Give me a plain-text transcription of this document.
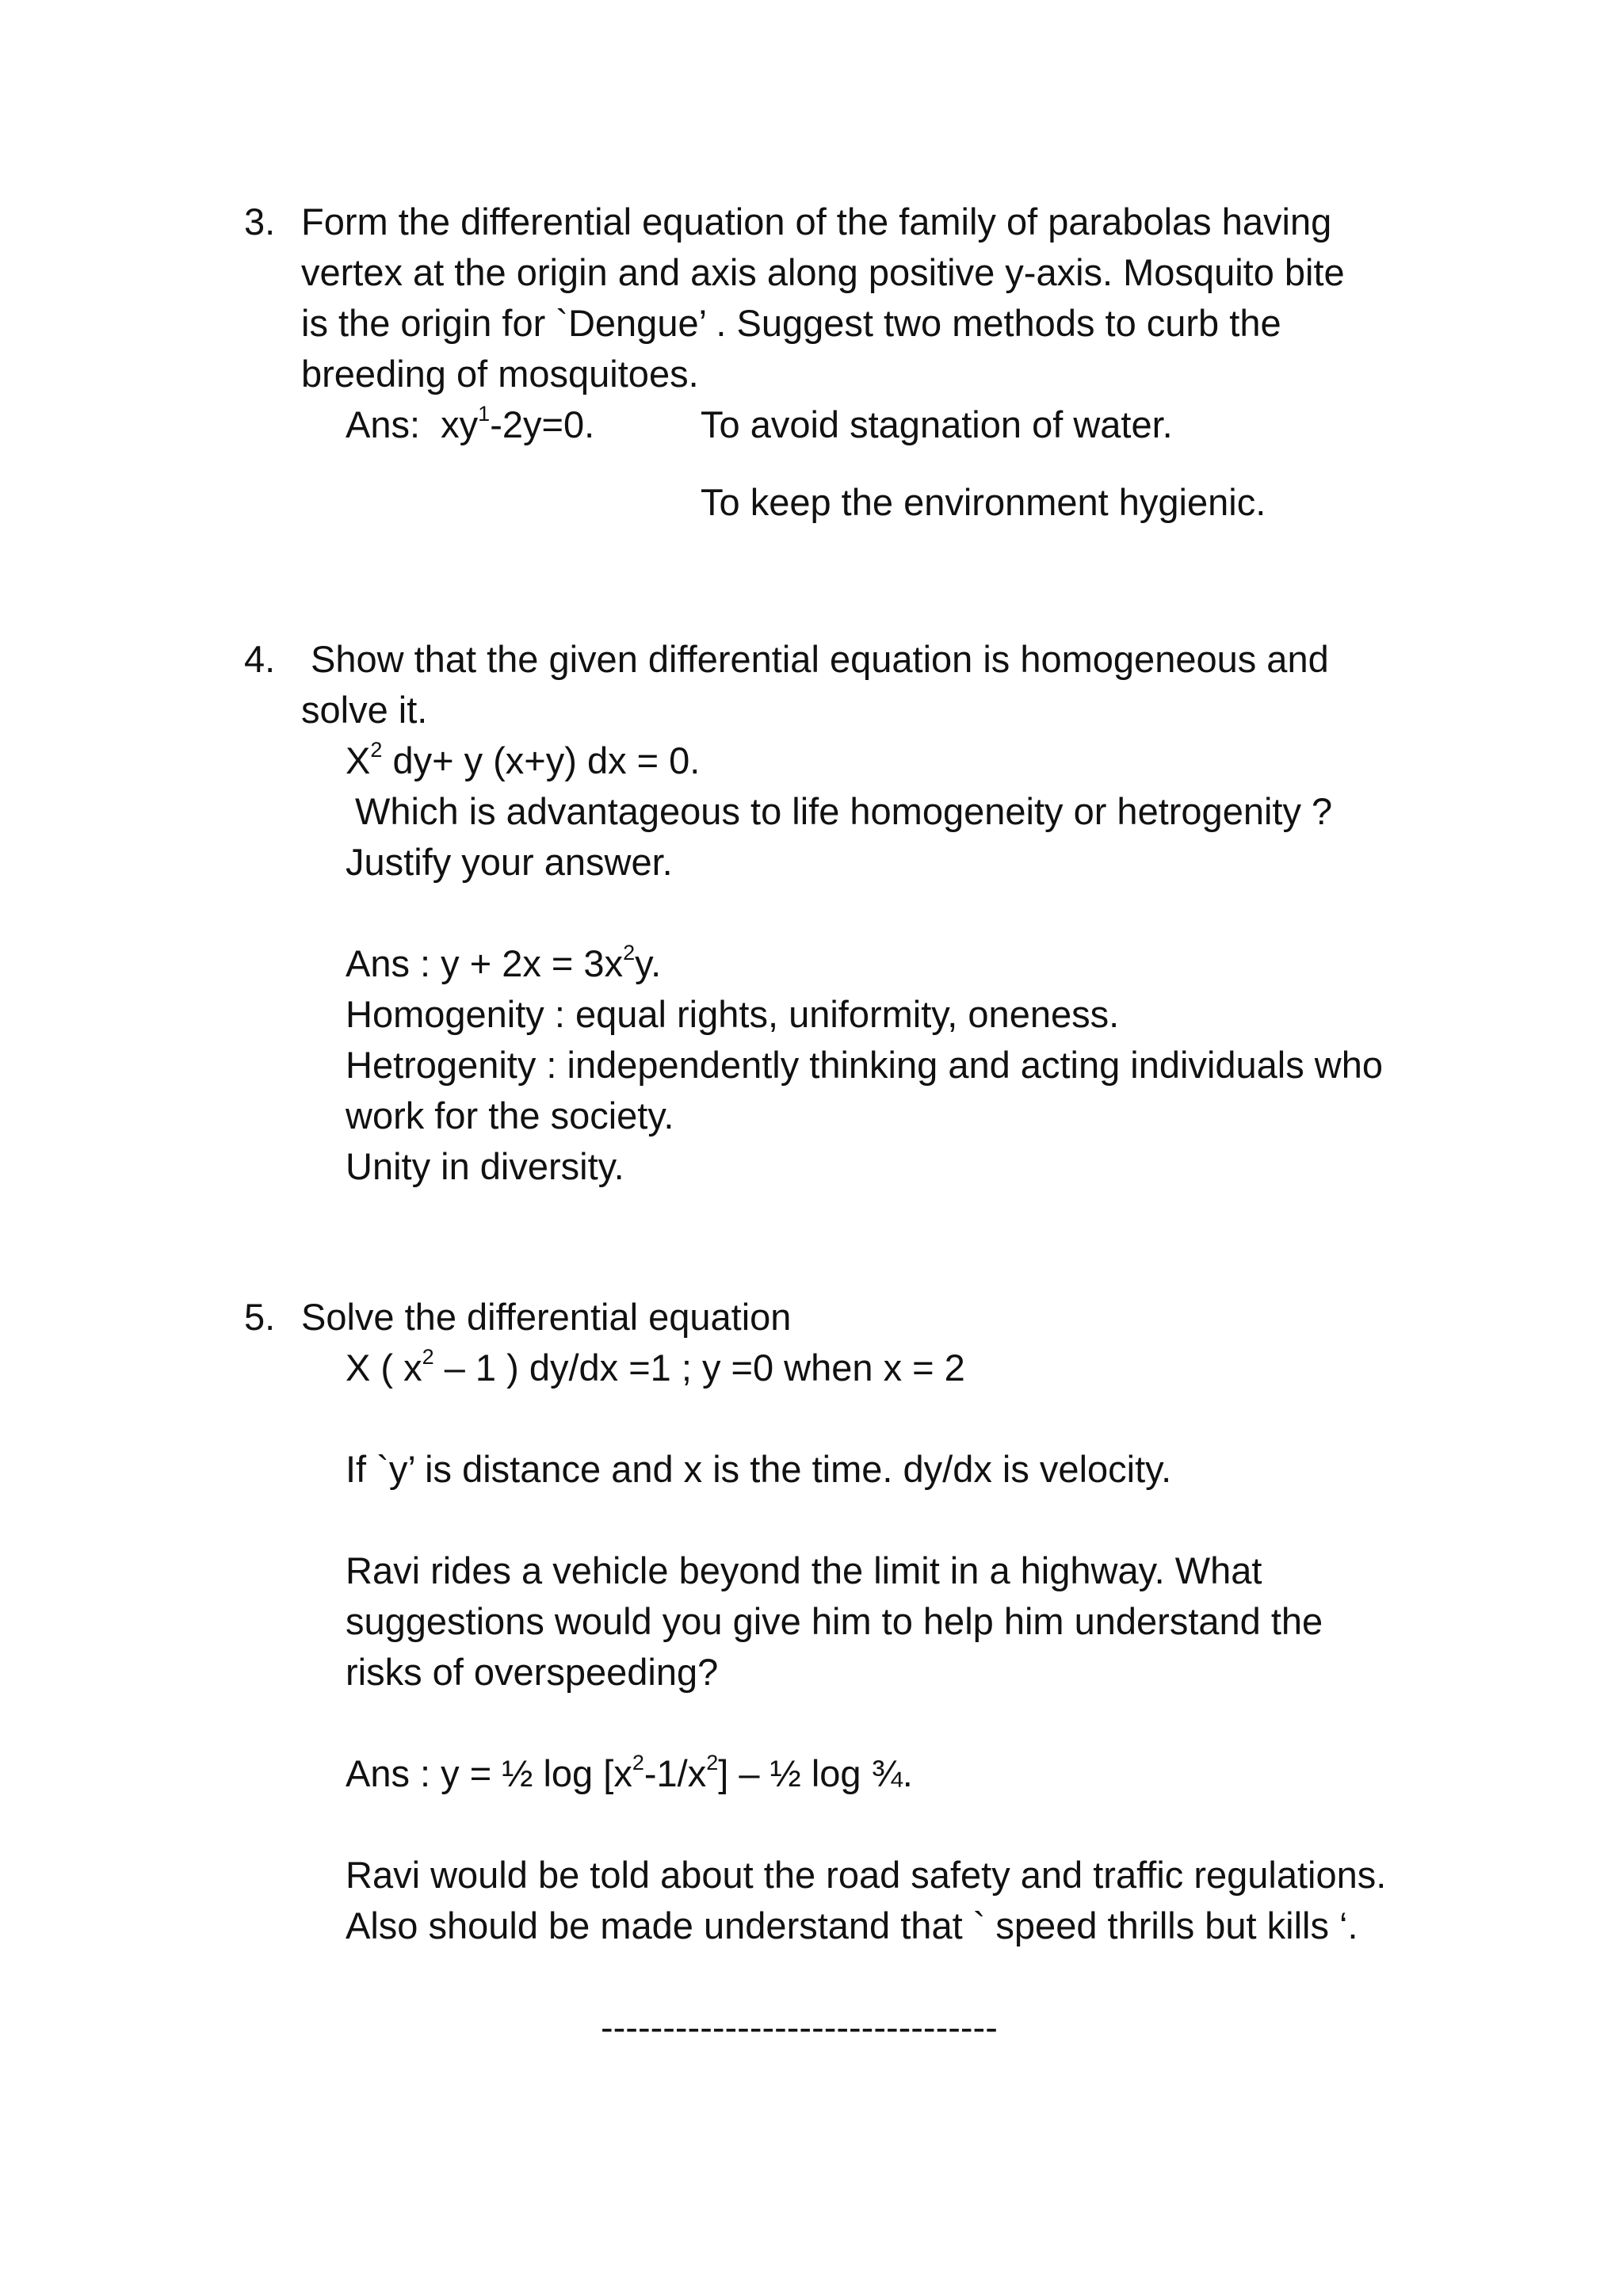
3. Form the differential equation of the family of parabolas having
vertex at the origin and axis along positive y-axis. Mosquito bite
is the origin for `Dengue’ . Suggest two methods to curb the
breeding of mosquitoes.
Ans: $xy^1-2y=0$.	To avoid stagnation of water.
To keep the environment hygienic.
4. Show that the given differential equation is homogeneous and
solve it.
$X^2$ dy+ y (x+y) dx = 0.
Which is advantageous to life homogeneity or hetrogenity ?
Justify your answer.
Ans : $y + 2x = 3x^2y$.
Homogenity : equal rights, uniformity, oneness.
Hetrogenity : independently thinking and acting individuals who
work for the society.
Unity in diversity.
5. Solve the differential equation
X ( $x^2 - 1$ ) dy/dx =1 ; y =0 when x = 2
If `y’ is distance and x is the time. dy/dx is velocity.
Ravi rides a vehicle beyond the limit in a highway. What
suggestions would you give him to help him understand the
risks of overspeeding?
Ans : y = ½ $\log [x^2-1/x^2]$ – ½ log ¾.
Ravi would be told about the road safety and traffic regulations.
Also should be made understand that ` speed thrills but kills ‘.
--------------------------------
